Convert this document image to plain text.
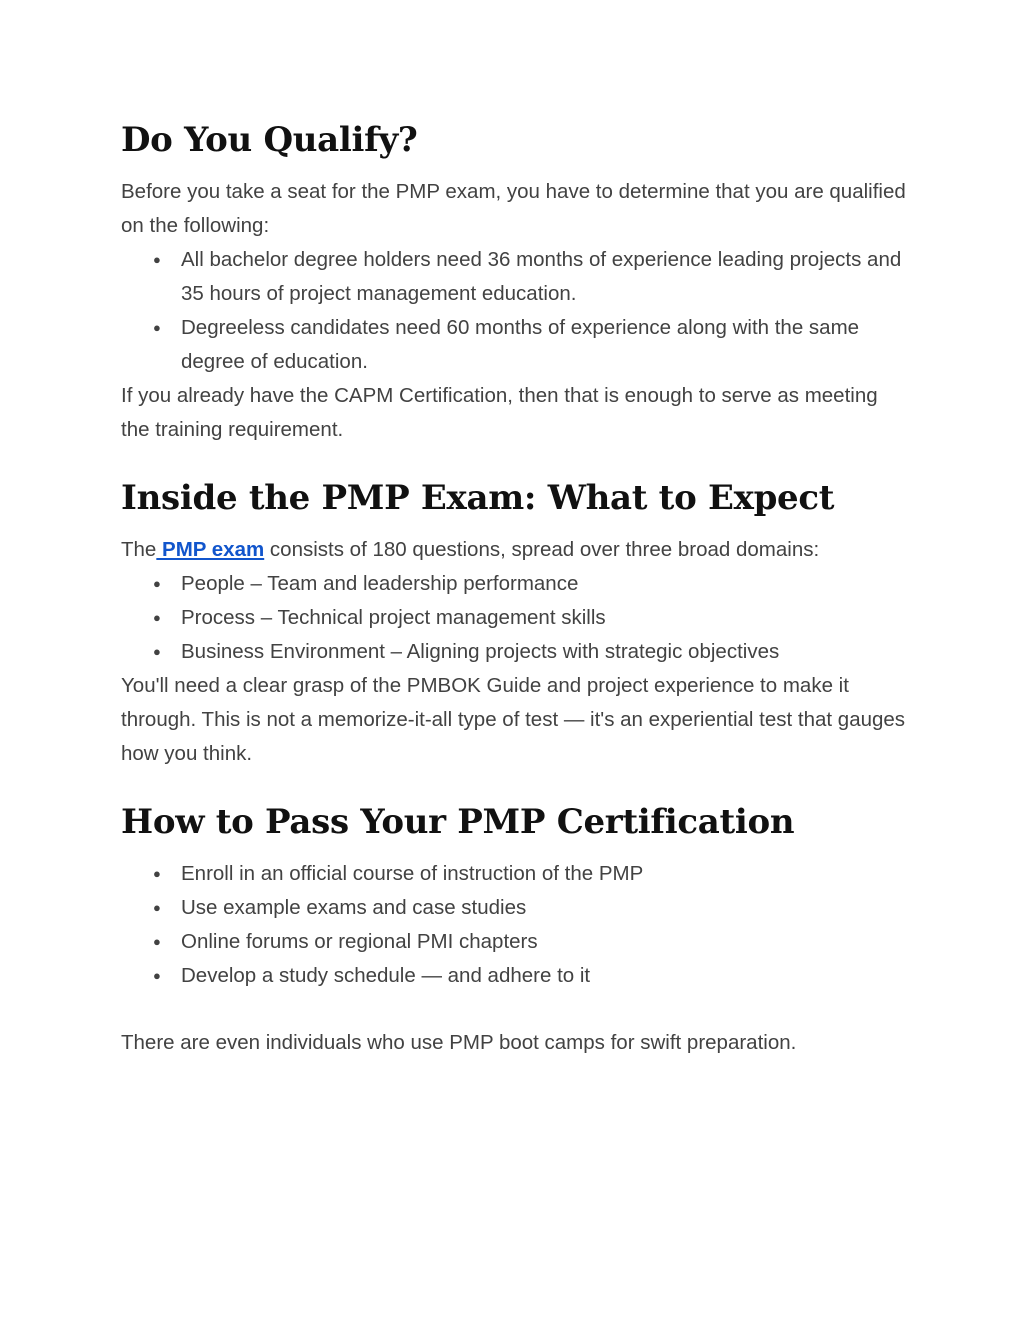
Do You Qualify?

Before you take a seat for the PMP exam, you have to determine that you are qualified on the following:

● All bachelor degree holders need 36 months of experience leading projects and 35 hours of project management education.
● Degreeless candidates need 60 months of experience along with the same degree of education.

If you already have the CAPM Certification, then that is enough to serve as meeting the training requirement.

Inside the PMP Exam: What to Expect

The PMP exam consists of 180 questions, spread over three broad domains:

● People – Team and leadership performance
● Process – Technical project management skills
● Business Environment – Aligning projects with strategic objectives

You'll need a clear grasp of the PMBOK Guide and project experience to make it through. This is not a memorize-it-all type of test — it's an experiential test that gauges how you think.

How to Pass Your PMP Certification
● Enroll in an official course of instruction of the PMP
● Use example exams and case studies
● Online forums or regional PMI chapters
● Develop a study schedule — and adhere to it

There are even individuals who use PMP boot camps for swift preparation.
